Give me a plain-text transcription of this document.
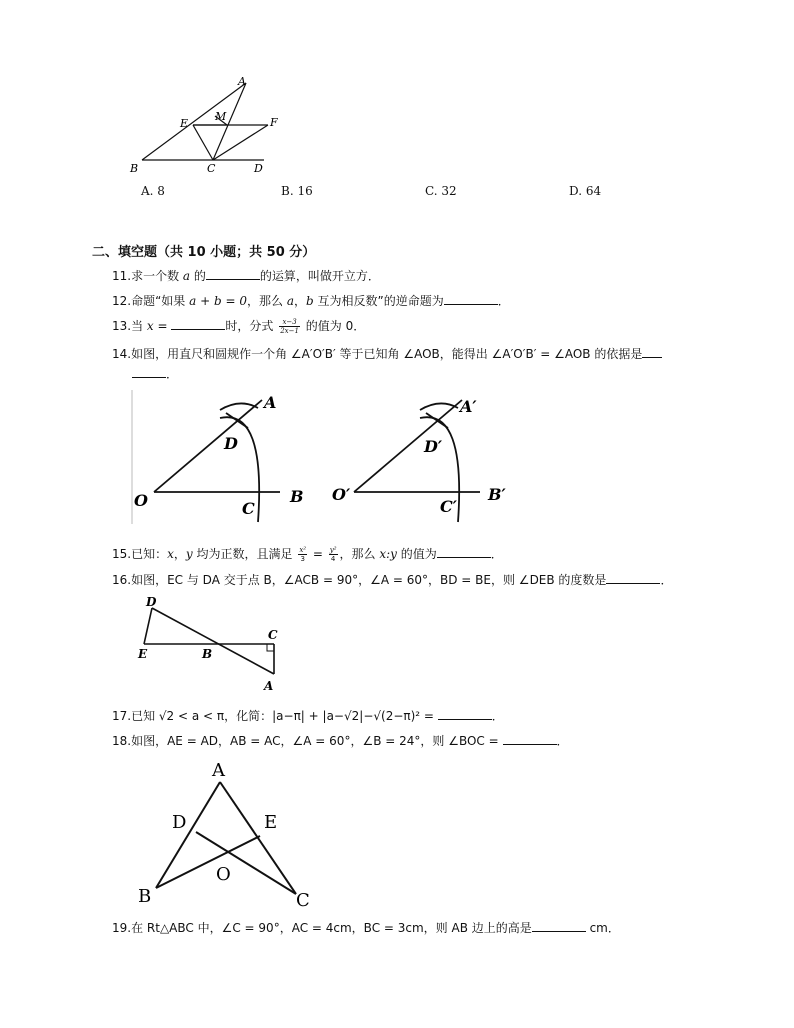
A
E
M	F
B	C	D
A. 8	B. 16	C. 32	D. 64
二、填空题（共 10 小题；共 50 分）
11.求一个数 a 的	的运算，叫做开立方．
12.命题“如果 a + b = 0，那么 a，b 互为相反数”的逆命题为	．
13.当 x =	时，分式 $\frac{x-3}{2x-1}$ 的值为 0．
14.如图，用直尺和圆规作一个角 ∠A′O′B′ 等于已知角 ∠AOB，能得出 ∠A′O′B′ = ∠AOB 的依据是
．
A
D
O	C
B
A′
D′
O′
C′
B′
15.已知：x，y 均为正数，且满足 $\frac{\text{x²}}{3} = \frac{\text{y²}}{4}$ ，那么 x:y 的值为	．
16.如图，EC 与 DA 交于点 B，∠ACB = 90°，∠A = 60°，BD = BE，则 ∠DEB 的度数是	．
D
C
E	B
A
17.已知 √2 < a < π，化简：|a−π| + |a−√2|−√(2−π)² =	．
18.如图，AE = AD，AB = AC，∠A = 60°，∠B = 24°，则 ∠BOC =	．
A
D	E
O
B	C
19.在 Rt△ABC 中，∠C = 90°，AC = 4cm，BC = 3cm，则 AB 边上的高是	cm．
